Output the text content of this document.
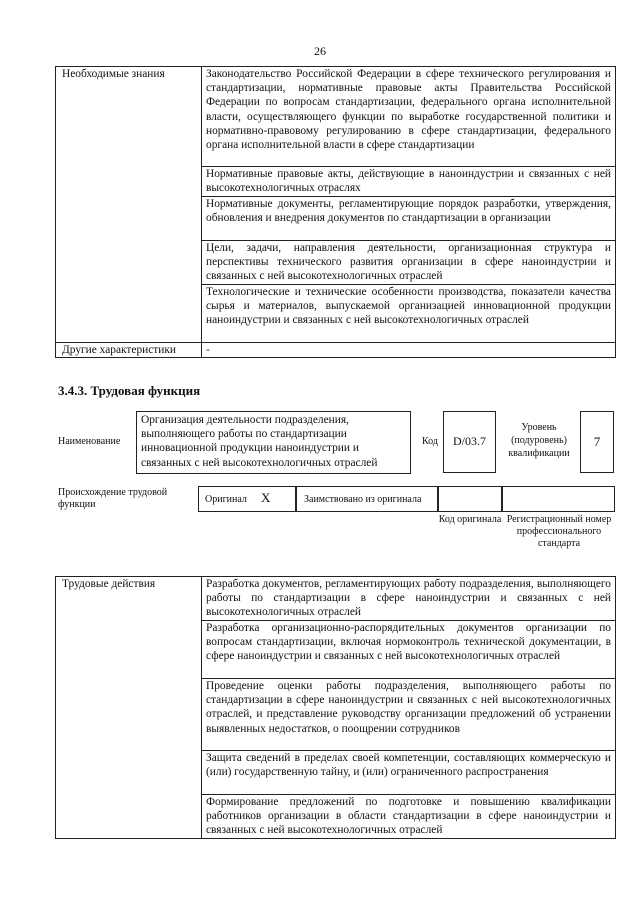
26
Необходимые знания	Законодательство Российской Федерации в сфере технического регулирования и стандартизации, нормативные правовые акты Правительства Российской Федерации по вопросам стандартизации, федерального органа исполнительной власти, осуществляющего функции по выработке государственной политики и нормативно-правовому регулированию в сфере стандартизации, федерального органа исполнительной власти в сфере стандартизации
	Нормативные правовые акты, действующие в наноиндустрии и связанных с ней высокотехнологичных отраслях
	Нормативные документы, регламентирующие порядок разработки, утверждения, обновления и внедрения документов по стандартизации в организации
	Цели, задачи, направления деятельности, организационная структура и перспективы технического развития организации в сфере наноиндустрии и связанных с ней высокотехнологичных отраслей
	Технологические и технические особенности производства, показатели качества сырья и материалов, выпускаемой организацией инновационной продукции наноиндустрии и связанных с ней высокотехнологичных отраслей
Другие характеристики	-
3.4.3. Трудовая функция
Наименование
Организация деятельности подразделения, выполняющего работы по стандартизации инновационной продукции наноиндустрии и связанных с ней высокотехнологичных отраслей
Код	D/03.7
Уровень (подуровень) квалификации
7
Происхождение трудовой функции	Оригинал X	Заимствовано из оригинала
Код оригинала Регистрационный номер профессионального стандарта
Трудовые действия	Разработка документов, регламентирующих работу подразделения, выполняющего работы по стандартизации в сфере наноиндустрии и связанных с ней высокотехнологичных отраслей
Разработка организационно-распорядительных документов организации по вопросам стандартизации, включая нормоконтроль технической документации, в сфере наноиндустрии и связанных с ней высокотехнологичных отраслей
Проведение оценки работы подразделения, выполняющего работы по стандартизации в сфере наноиндустрии и связанных с ней высокотехнологичных отраслей, и представление руководству организации предложений об устранении выявленных недостатков, о поощрении сотрудников
Защита сведений в пределах своей компетенции, составляющих коммерческую и (или) государственную тайну, и (или) ограниченного распространения
Формирование предложений по подготовке и повышению квалификации работников организации в области стандартизации в сфере наноиндустрии и связанных с ней высокотехнологичных отраслей
